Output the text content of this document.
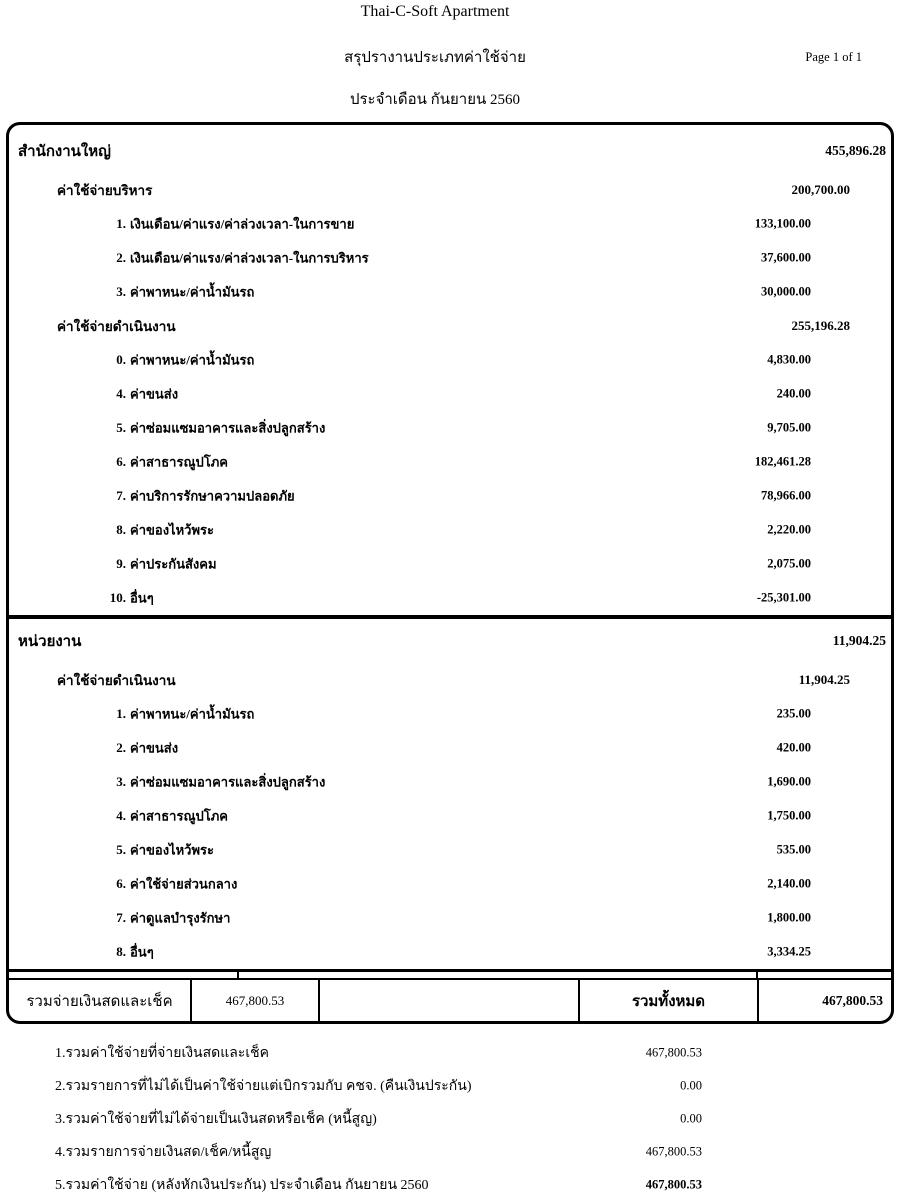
Thai-C-Soft Apartment
สรุปรางานประเภทค่าใช้จ่าย
ประจำเดือน กันยายน 2560
Page 1 of 1
สำนักงานใหญ่	455,896.28
ค่าใช้จ่ายบริหาร	200,700.00
1. เงินเดือน/ค่าแรง/ค่าล่วงเวลา-ในการขาย	133,100.00
2. เงินเดือน/ค่าแรง/ค่าล่วงเวลา-ในการบริหาร	37,600.00
3. ค่าพาหนะ/ค่าน้ำมันรถ	30,000.00
ค่าใช้จ่ายดำเนินงาน	255,196.28
0. ค่าพาหนะ/ค่าน้ำมันรถ	4,830.00
4. ค่าขนส่ง	240.00
5. ค่าซ่อมแซมอาคารและสิ่งปลูกสร้าง	9,705.00
6. ค่าสาธารณูปโภค	182,461.28
7. ค่าบริการรักษาความปลอดภัย	78,966.00
8. ค่าของไหว้พระ	2,220.00
9. ค่าประกันสังคม	2,075.00
10. อื่นๆ	-25,301.00
หน่วยงาน	11,904.25
ค่าใช้จ่ายดำเนินงาน	11,904.25
1. ค่าพาหนะ/ค่าน้ำมันรถ	235.00
2. ค่าขนส่ง	420.00
3. ค่าซ่อมแซมอาคารและสิ่งปลูกสร้าง	1,690.00
4. ค่าสาธารณูปโภค	1,750.00
5. ค่าของไหว้พระ	535.00
6. ค่าใช้จ่ายส่วนกลาง	2,140.00
7. ค่าดูแลบำรุงรักษา	1,800.00
8. อื่นๆ	3,334.25
รวมจ่ายเงินสดและเช็ค	467,800.53	รวมทั้งหมด	467,800.53
1.รวมค่าใช้จ่ายที่จ่ายเงินสดและเช็ค	467,800.53
2.รวมรายการที่ไม่ได้เป็นค่าใช้จ่ายแต่เบิกรวมกับ คชจ. (คืนเงินประกัน)	0.00
3.รวมค่าใช้จ่ายที่ไม่ได้จ่ายเป็นเงินสดหรือเช็ค (หนี้สูญ)	0.00
4.รวมรายการจ่ายเงินสด/เช็ค/หนี้สูญ	467,800.53
5.รวมค่าใช้จ่าย (หลังหักเงินประกัน) ประจำเดือน กันยายน 2560	467,800.53
